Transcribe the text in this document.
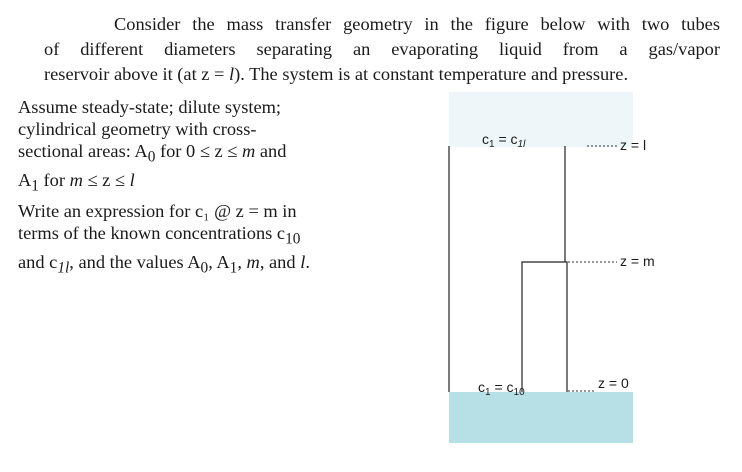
Consider the mass transfer geometry in the figure below with two tubes

of different diameters separating an evaporating liquid from a gas/vapor

reservoir above it (at z = l). The system is at constant temperature and pressure.

Assume steady-state; dilute system;

cylindrical geometry with cross-

sectional areas: $A_0$ for 0 ≤ z ≤ m and

$A_1$ for m ≤ z ≤ l

Write an expression for c₁ @ z = m in

terms of the known concentrations $c_{10}$

and $c_{1l}$, and the values $A_0$, $A_1$, m, and l.

z = l
z = m
z = 0
$c_1 = c_{1l}$
$c_1 = c_{10}$
